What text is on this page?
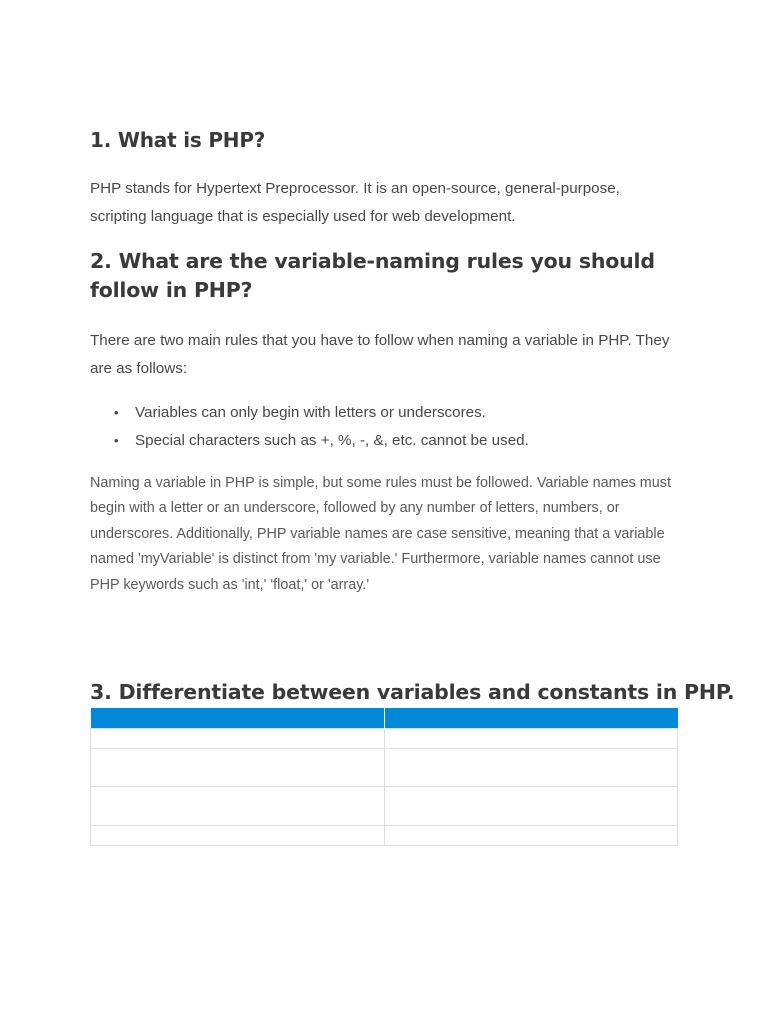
1. What is PHP?

PHP stands for Hypertext Preprocessor. It is an open-source, general-purpose, scripting language that is especially used for web development.

2. What are the variable-naming rules you should follow in PHP?

There are two main rules that you have to follow when naming a variable in PHP. They are as follows:

• Variables can only begin with letters or underscores.
• Special characters such as +, %, -, &, etc. cannot be used.

Naming a variable in PHP is simple, but some rules must be followed. Variable names must begin with a letter or an underscore, followed by any number of letters, numbers, or underscores. Additionally, PHP variable names are case sensitive, meaning that a variable named 'myVariable' is distinct from 'my variable.' Furthermore, variable names cannot use PHP keywords such as 'int,' 'float,' or 'array.'

3. Differentiate between variables and constants in PHP.
